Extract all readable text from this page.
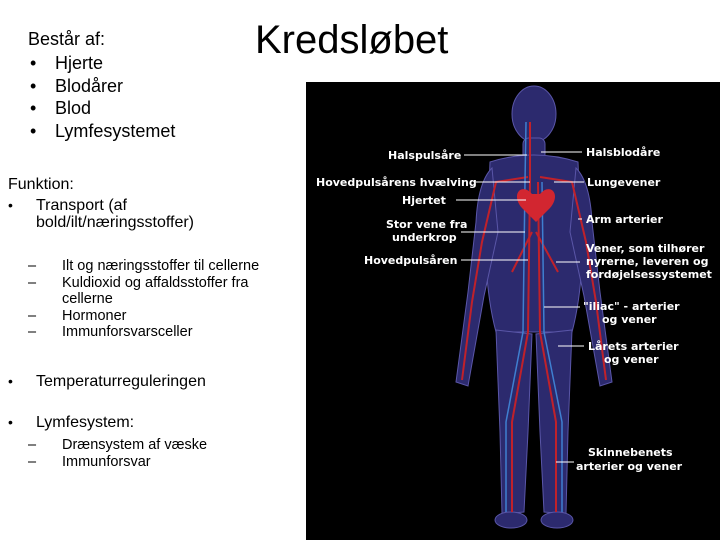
Kredsløbet
Består af:
• Hjerte
• Blodårer
• Blod
• Lymfesystemet
Funktion:
• Transport (af
bold/ilt/næringsstoffer)
– Ilt og næringsstoffer til cellerne
– Kuldioxid og affaldsstoffer fra cellerne
– Hormoner
– Immunforsvarsceller
• Temperaturreguleringen
• Lymfesystem:
– Drænsystem af væske
– Immunforsvar
Halspulsåre
Hovedpulsårens hvælving
Hjertet
Stor vene fra
underkrop
Hovedpulsåren
Halsblodåre
Lungevener
Arm arterier
Vener, som tilhører
nyrerne, leveren og
fordøjelsessystemet
"iliac" - arterier
og vener
Lårets arterier
og vener
Skinnebenets
arterier og vener
